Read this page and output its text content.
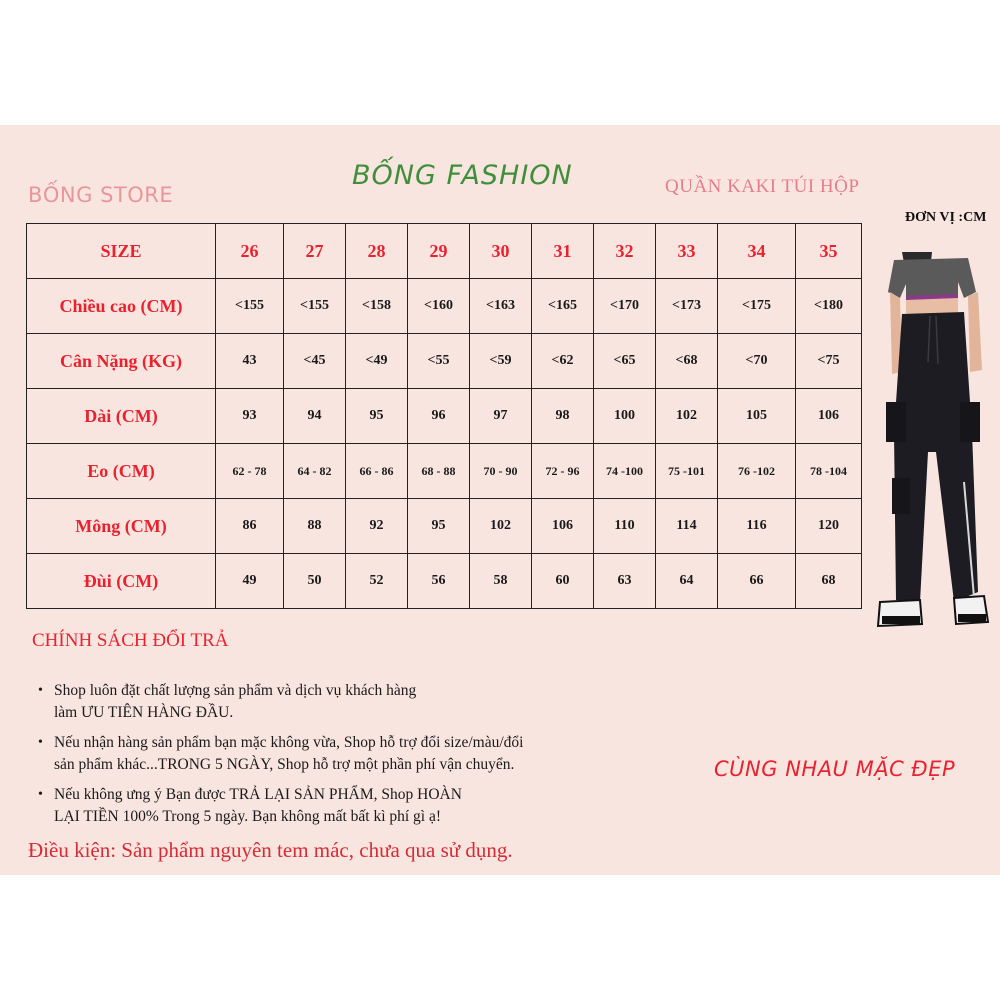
BỐNG STORE
BỐNG FASHION	QUẦN KAKI TÚI HỘP
ĐƠN VỊ :CM
SIZE	26	27	28	29	30	31	32	33	34	35
Chiều cao (CM)	<155	<155	<158	<160	<163	<165	<170	<173	<175	<180
Cân Nặng (KG)	43	<45	<49	<55	<59	<62	<65	<68	<70	<75
Dài (CM)	93	94	95	96	97	98	100	102	105	106
Eo (CM)	62 - 78	64 - 82	66 - 86	68 - 88	70 - 90	72 - 96	74 -100	75 -101	76 -102	78 -104
Mông (CM)	86	88	92	95	102	106	110	114	116	120
Đùi (CM)	49	50	52	56	58	60	63	64	66	68
CHÍNH SÁCH ĐỔI TRẢ
• Shop luôn đặt chất lượng sản phẩm và dịch vụ khách hàng
làm ƯU TIÊN HÀNG ĐẦU.
• Nếu nhận hàng sản phẩm bạn mặc không vừa, Shop hỗ trợ đổi size/màu/đổi
sản phẩm khác...TRONG 5 NGÀY, Shop hỗ trợ một phần phí vận chuyển.
• Nếu không ưng ý Bạn được TRẢ LẠI SẢN PHẨM, Shop HOÀN
LẠI TIỀN 100% Trong 5 ngày. Bạn không mất bất kì phí gì ạ!
CÙNG NHAU MẶC ĐẸP
Điều kiện: Sản phẩm nguyên tem mác, chưa qua sử dụng.
